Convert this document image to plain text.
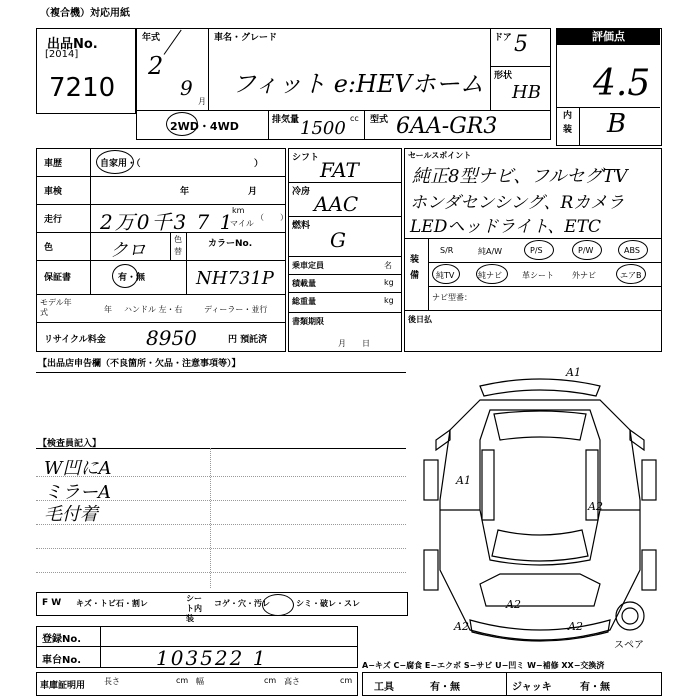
（複合機）対応用紙
出品No.
[2014]
7210
年式
2
9
月
車名・グレード
フィット e:HEVホーム
ドア 5
形状
HB
評価点
4.5
内装 B
2WD・4WD	排気量 1500 cc 型式 6AA-GR3
車歴	自家用・（	）
車検	年	月
走行 2万0千3 7 1
km
マイル
（　　）
色	クロ
色替
カラーNo.
NH731P
保証書	有・無
モデル年式	年 ハンドル 左・右	ディーラー・並行
リサイクル料金 8950	円 預託済
シフト FAT
冷房 AAC
燃料
G
乗車定員	名
積載量	kg
総重量	kg
書類期限
月　　日
セールスポイント
純正8型ナビ、フルセグTV
ホンダセンシング、Rカメラ
LEDヘッドライト、ETC
装備
S/R	純A/W	P/S	P/W	ABS
純TV	純ナビ	革シート 外ナビ	エアB
ナビ型番：
後日払
【出品店申告欄（不良箇所・欠品・注意事項等）】
【検査員記入】
W凹にA
ミラーA
毛付着
F W キズ・トビ石・割レ
シート内装
コゲ・穴・汚レ	シミ・破レ・スレ
登録No.
車台No.	103522 1
車庫証明用 長さ	cm 幅	cm 高さ	cm
工具	有・無	ジャッキ	有・無
A−キズ C−腐食 E−エクボ S−サビ U−凹ミ W−補修 XX−交換済
A1
A1
A2
A2
A2	A2
スペア
